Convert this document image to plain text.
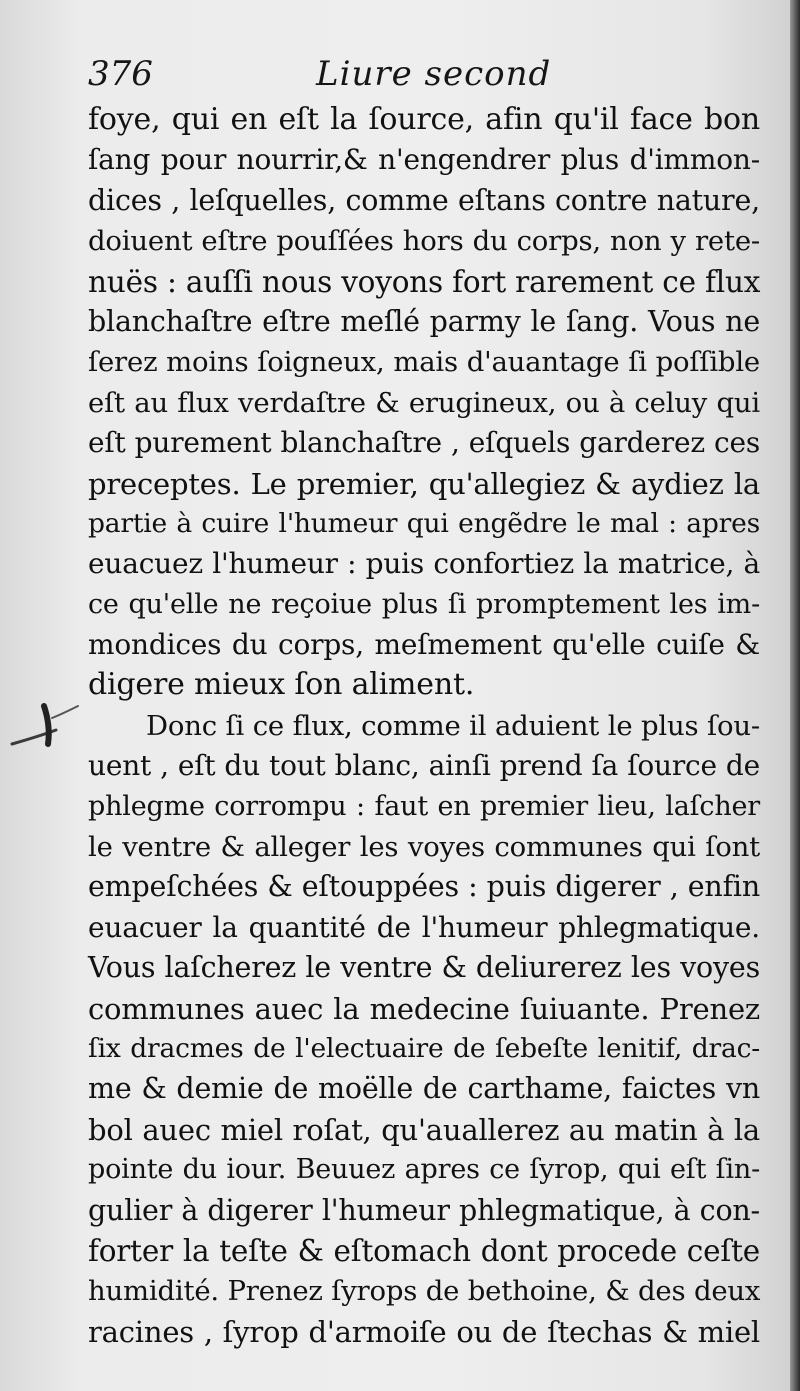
376	Liure second
foye, qui en eſt la ſource, afin qu'il face bon
ſang pour nourrir,& n'engendrer plus d'immon-
dices , leſquelles, comme eſtans contre nature,
doiuent eſtre pouſſées hors du corps, non y rete-
nuës : auſſi nous voyons fort rarement ce flux
blanchaſtre eſtre meſlé parmy le ſang. Vous ne
ſerez moins ſoigneux, mais d'auantage ſi poſſible
eſt au flux verdaſtre & erugineux, ou à celuy qui
eſt purement blanchaſtre , eſquels garderez ces
preceptes. Le premier, qu'allegiez & aydiez la
partie à cuire l'humeur qui engẽdre le mal : apres
euacuez l'humeur : puis confortiez la matrice, à
ce qu'elle ne reçoiue plus ſi promptement les im-
mondices du corps, meſmement qu'elle cuiſe &
digere mieux ſon aliment.
Donc ſi ce flux, comme il aduient le plus ſou-
uent , eſt du tout blanc, ainſi prend ſa ſource de
phlegme corrompu : faut en premier lieu, laſcher
le ventre & alleger les voyes communes qui ſont
empeſchées & eſtouppées : puis digerer , enfin
euacuer la quantité de l'humeur phlegmatique.
Vous laſcherez le ventre & deliurerez les voyes
communes auec la medecine ſuiuante. Prenez
ſix dracmes de l'electuaire de ſebeſte lenitif, drac-
me & demie de moëlle de carthame, faictes vn
bol auec miel roſat, qu'auallerez au matin à la
pointe du iour. Beuuez apres ce ſyrop, qui eſt ſin-
gulier à digerer l'humeur phlegmatique, à con-
forter la teſte & eſtomach dont procede ceſte
humidité. Prenez ſyrops de bethoine, & des deux
racines , ſyrop d'armoiſe ou de ſtechas & miel
